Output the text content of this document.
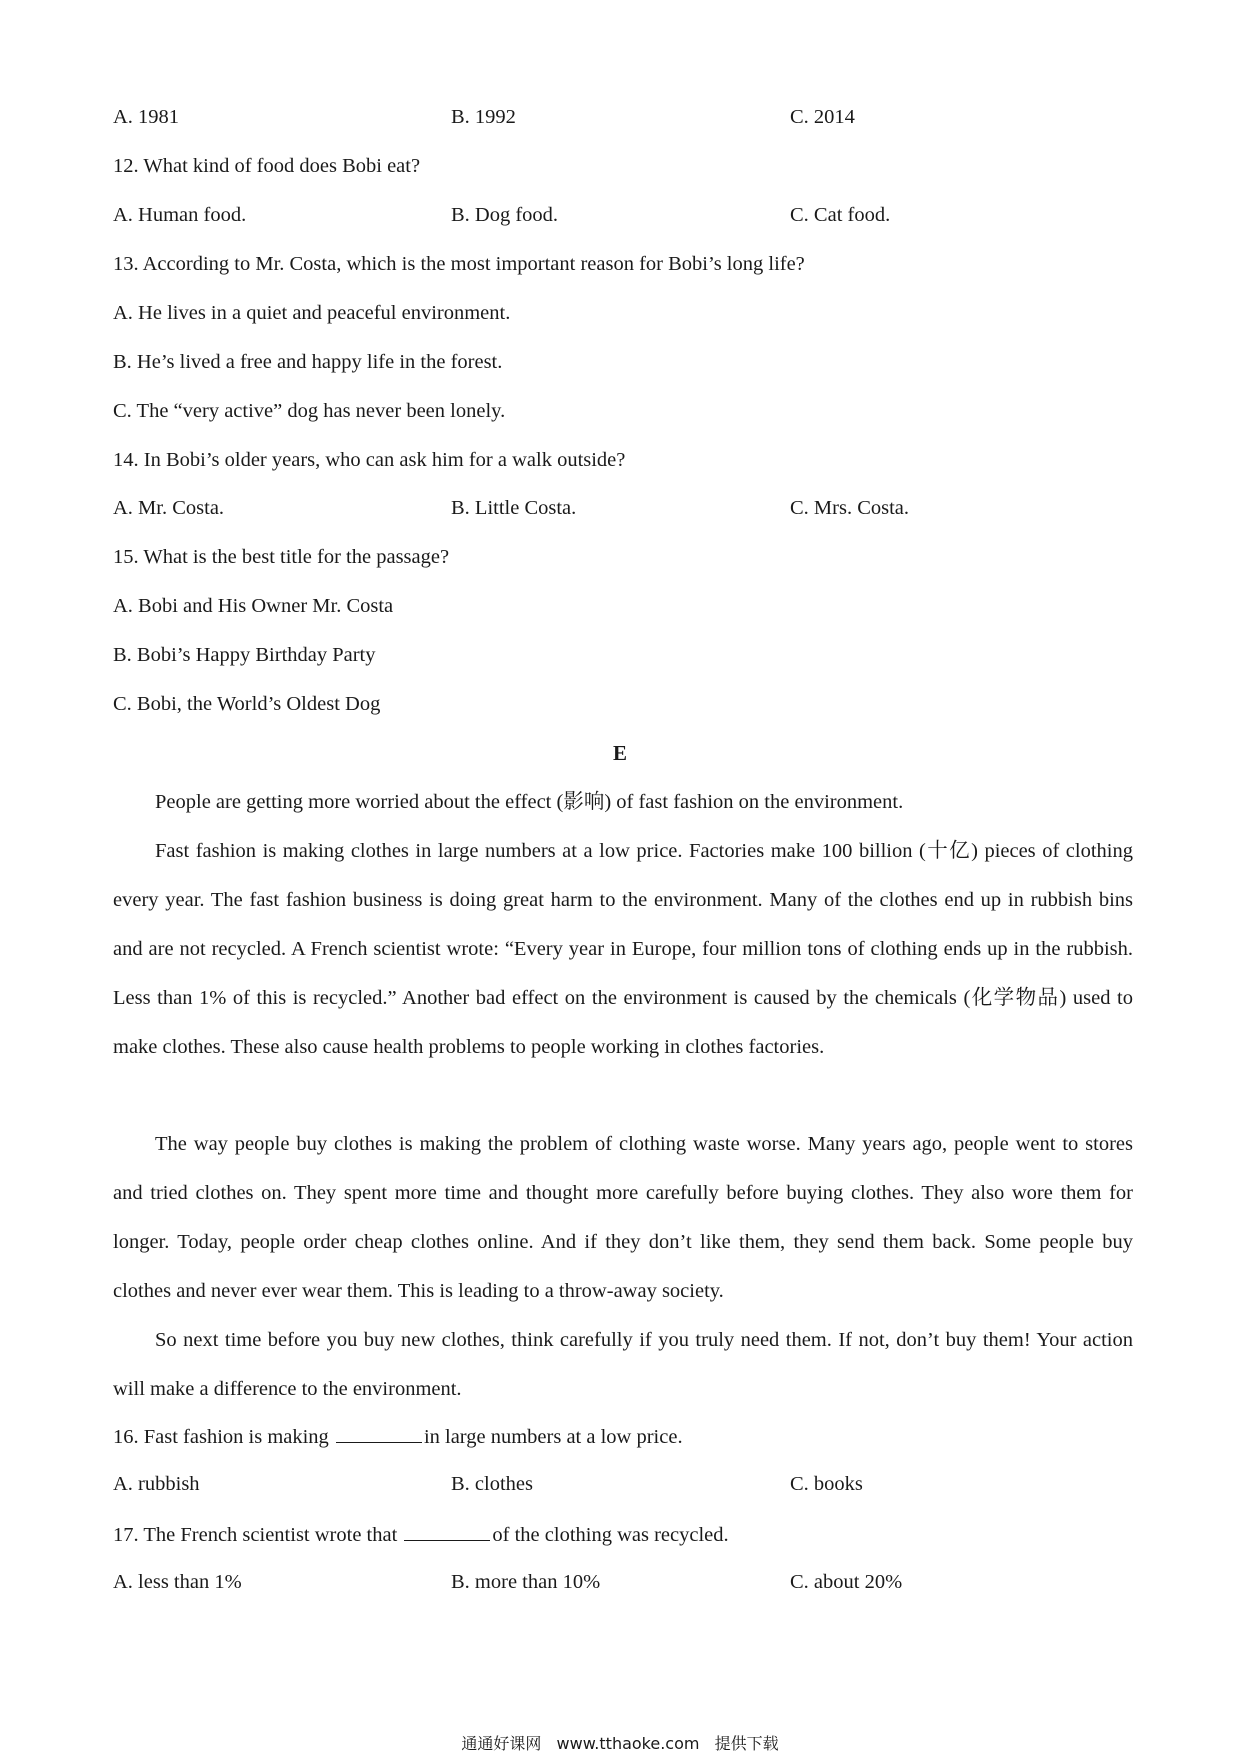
A. 1981	B. 1992	C. 2014
12. What kind of food does Bobi eat?
A. Human food.	B. Dog food.	C. Cat food.
13. According to Mr. Costa, which is the most important reason for Bobi’s long life?
A. He lives in a quiet and peaceful environment.
B. He’s lived a free and happy life in the forest.
C. The “very active” dog has never been lonely.
14. In Bobi’s older years, who can ask him for a walk outside?
A. Mr. Costa.	B. Little Costa.	C. Mrs. Costa.
15. What is the best title for the passage?
A. Bobi and His Owner Mr. Costa
B. Bobi’s Happy Birthday Party
C. Bobi, the World’s Oldest Dog
E
People are getting more worried about the effect (影响) of fast fashion on the environment.
Fast fashion is making clothes in large numbers at a low price. Factories make 100 billion (十亿) pieces of clothing every year. The fast fashion business is doing great harm to the environment. Many of the clothes end up in rubbish bins and are not recycled. A French scientist wrote: “Every year in Europe, four million tons of clothing ends up in the rubbish. Less than 1% of this is recycled.” Another bad effect on the environment is caused by the chemicals (化学物品) used to make clothes. These also cause health problems to people working in clothes factories.
The way people buy clothes is making the problem of clothing waste worse. Many years ago, people went to stores and tried clothes on. They spent more time and thought more carefully before buying clothes. They also wore them for longer. Today, people order cheap clothes online. And if they don’t like them, they send them back. Some people buy clothes and never ever wear them. This is leading to a throw-away society.
So next time before you buy new clothes, think carefully if you truly need them. If not, don’t buy them! Your action will make a difference to the environment.
16. Fast fashion is making	in large numbers at a low price.
A. rubbish	B. clothes	C. books
17. The French scientist wrote that	of the clothing was recycled.
A. less than 1%	B. more than 10%	C. about 20%
通通好课网 www.tthaoke.com 提供下载
